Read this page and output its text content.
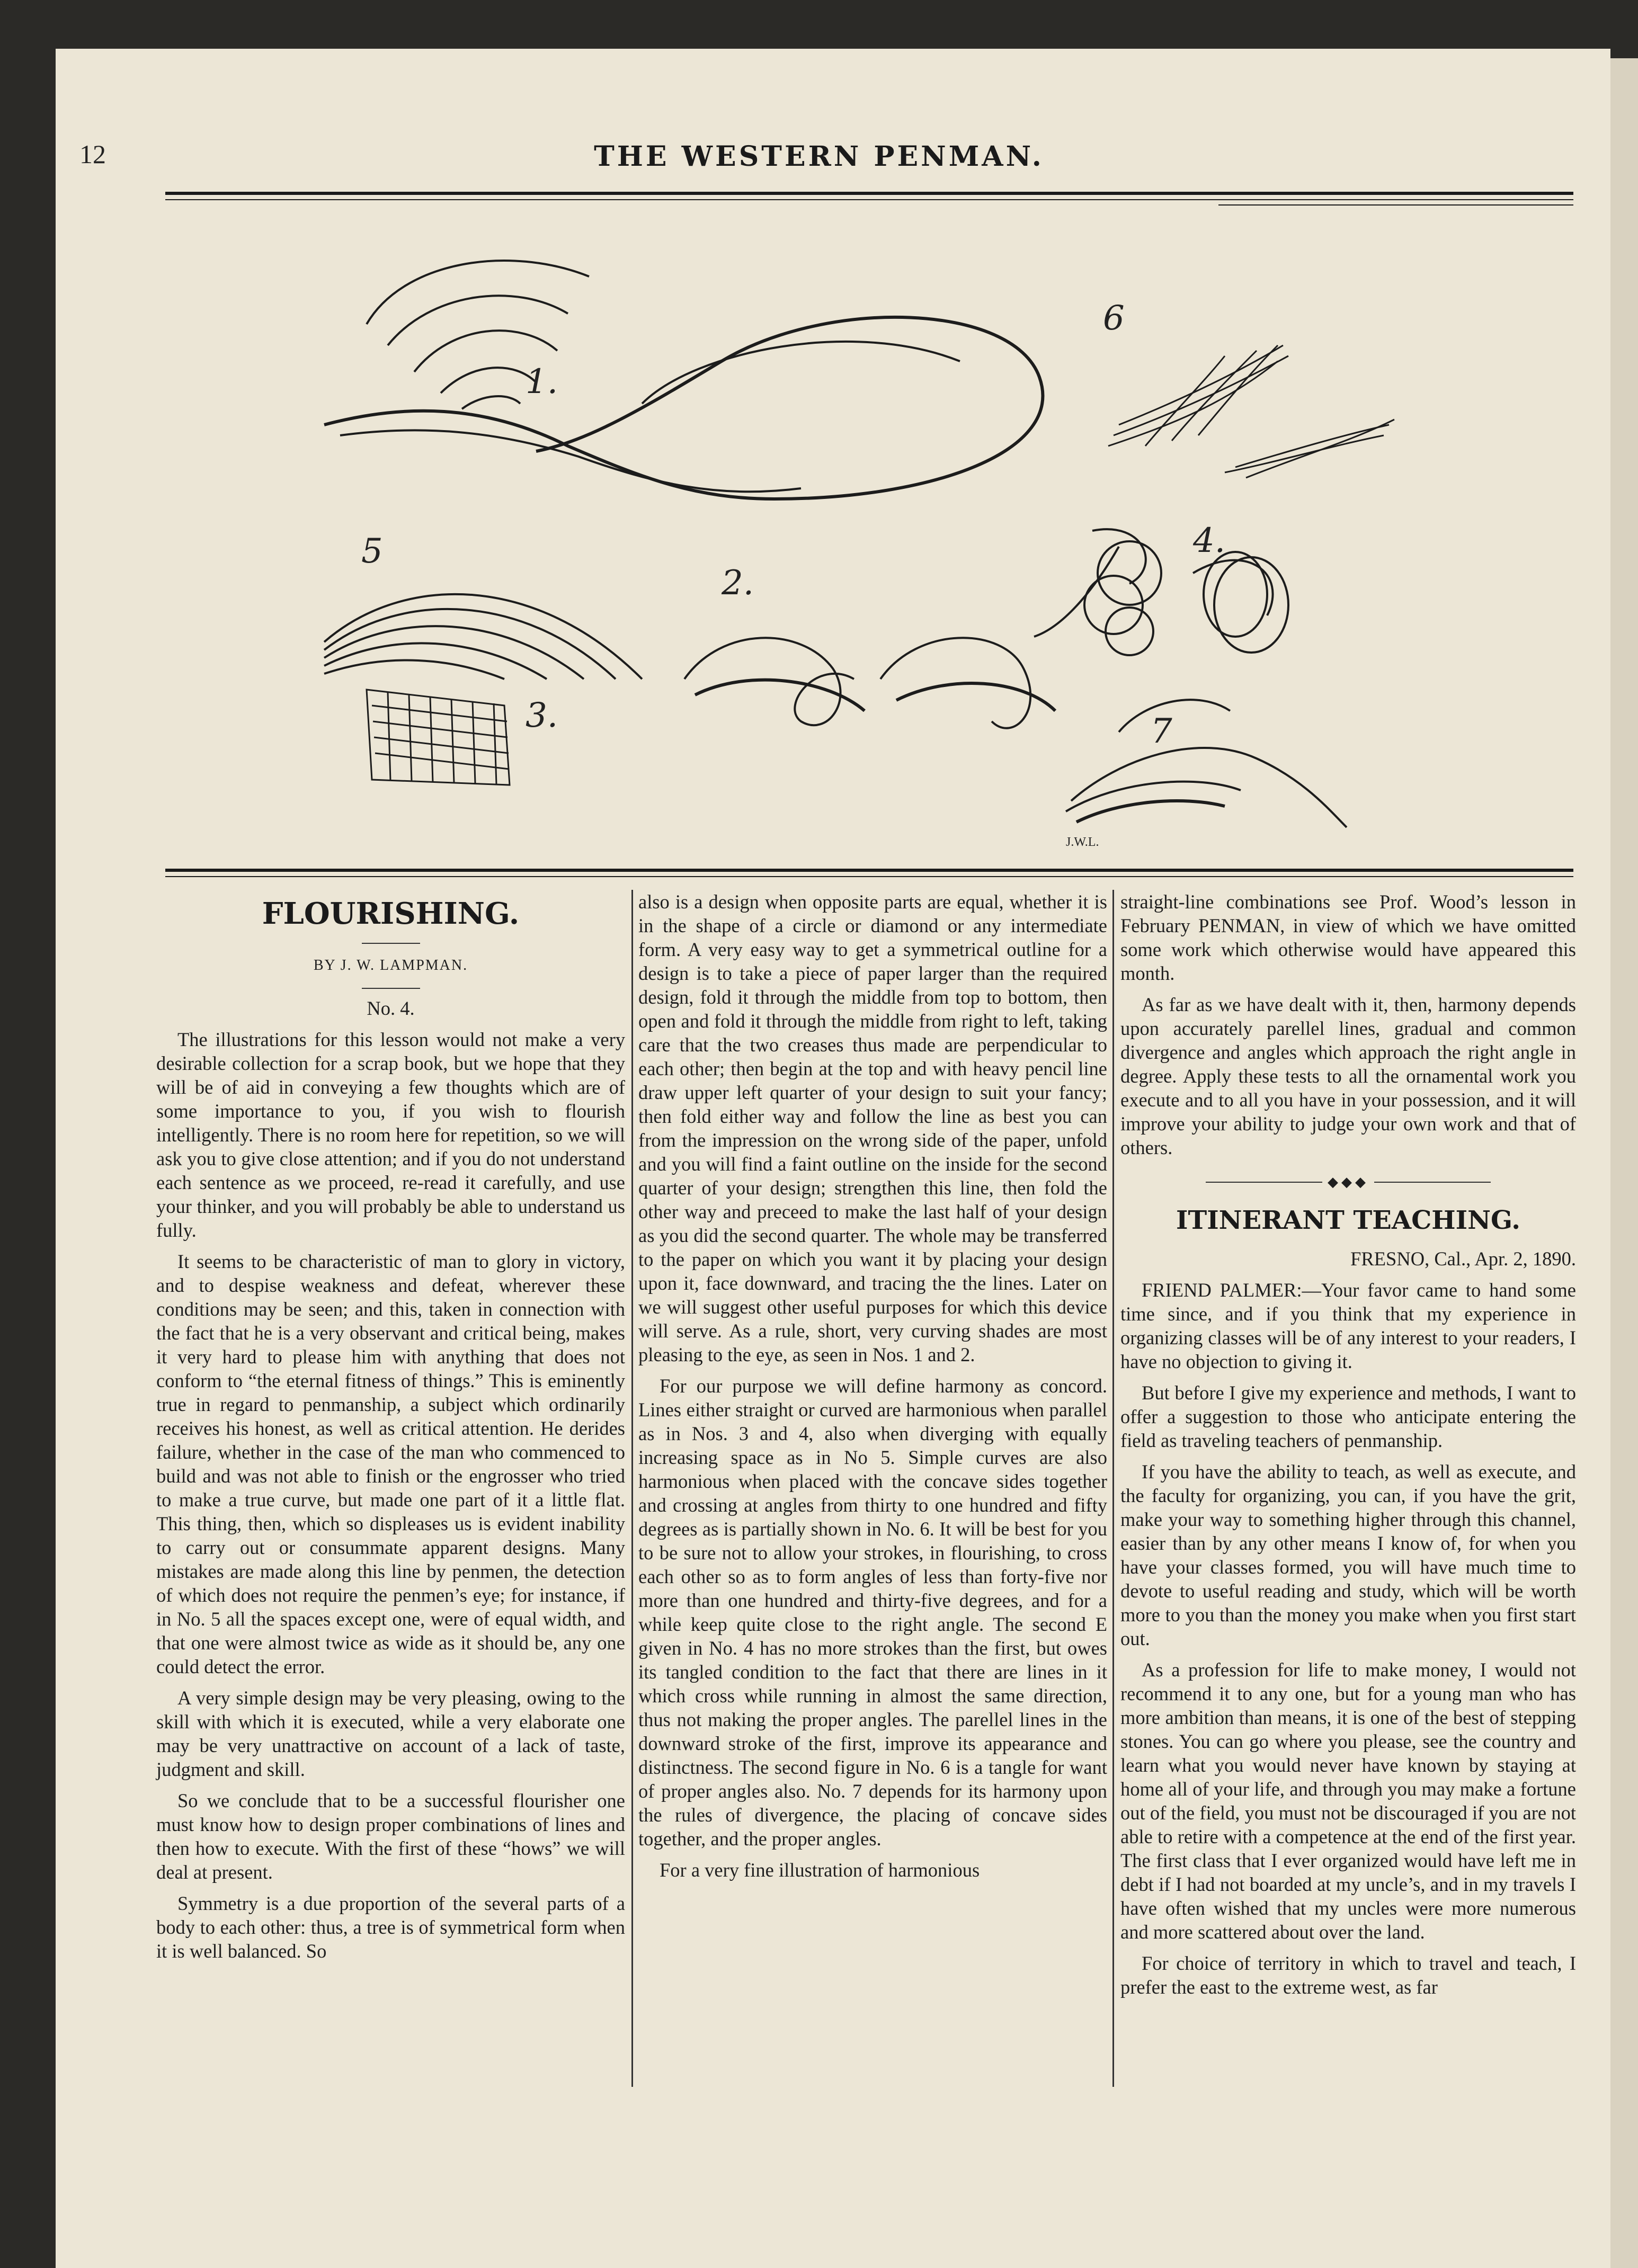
12	THE WESTERN PENMAN.
1.
2.
3.
4.
5
6
7
J.W.L.
FLOURISHING.
BY J. W. LAMPMAN.

No. 4.

The illustrations for this lesson would not make a very desirable collection for a scrap book, but we hope that they will be of aid in conveying a few thoughts which are of some importance to you, if you wish to flourish intelligently. There is no room here for repetition, so we will ask you to give close attention; and if you do not understand each sentence as we proceed, re-read it carefully, and use your thinker, and you will probably be able to understand us fully.

It seems to be characteristic of man to glory in victory, and to despise weakness and defeat, wherever these conditions may be seen; and this, taken in connection with the fact that he is a very observant and critical being, makes it very hard to please him with anything that does not conform to “the eternal fitness of things.” This is eminently true in regard to penmanship, a subject which ordinarily receives his honest, as well as critical attention. He derides failure, whether in the case of the man who commenced to build and was not able to finish or the engrosser who tried to make a true curve, but made one part of it a little flat. This thing, then, which so displeases us is evident inability to carry out or consummate apparent designs. Many mistakes are made along this line by penmen, the detection of which does not require the penmen’s eye; for instance, if in No. 5 all the spaces except one, were of equal width, and that one were almost twice as wide as it should be, any one could detect the error.

A very simple design may be very pleasing, owing to the skill with which it is executed, while a very elaborate one may be very unattractive on account of a lack of taste, judgment and skill.

So we conclude that to be a successful flourisher one must know how to design proper combinations of lines and then how to execute. With the first of these “hows” we will deal at present.

Symmetry is a due proportion of the several parts of a body to each other: thus, a tree is of symmetrical form when it is well balanced. So

also is a design when opposite parts are equal, whether it is in the shape of a circle or diamond or any intermediate form. A very easy way to get a symmetrical outline for a design is to take a piece of paper larger than the required design, fold it through the middle from top to bottom, then open and fold it through the middle from right to left, taking care that the two creases thus made are perpendicular to each other; then begin at the top and with heavy pencil line draw upper left quarter of your design to suit your fancy; then fold either way and follow the line as best you can from the impression on the wrong side of the paper, unfold and you will find a faint outline on the inside for the second quarter of your design; strengthen this line, then fold the other way and preceed to make the last half of your design as you did the second quarter. The whole may be transferred to the paper on which you want it by placing your design upon it, face downward, and tracing the the lines. Later on we will suggest other useful purposes for which this device will serve. As a rule, short, very curving shades are most pleasing to the eye, as seen in Nos. 1 and 2.

For our purpose we will define harmony as concord. Lines either straight or curved are harmonious when parallel as in Nos. 3 and 4, also when diverging with equally increasing space as in No 5. Simple curves are also harmonious when placed with the concave sides together and crossing at angles from thirty to one hundred and fifty degrees as is partially shown in No. 6. It will be best for you to be sure not to allow your strokes, in flourishing, to cross each other so as to form angles of less than forty-five nor more than one hundred and thirty-five degrees, and for a while keep quite close to the right angle. The second E given in No. 4 has no more strokes than the first, but owes its tangled condition to the fact that there are lines in it which cross while running in almost the same direction, thus not making the proper angles. The parellel lines in the downward stroke of the first, improve its appearance and distinctness. The second figure in No. 6 is a tangle for want of proper angles also. No. 7 depends for its harmony upon the rules of divergence, the placing of concave sides together, and the proper angles.

For a very fine illustration of harmonious

straight-line combinations see Prof. Wood’s lesson in February PENMAN, in view of which we have omitted some work which otherwise would have appeared this month.

As far as we have dealt with it, then, harmony depends upon accurately parellel lines, gradual and common divergence and angles which approach the right angle in degree. Apply these tests to all the ornamental work you execute and to all you have in your possession, and it will improve your ability to judge your own work and that of others.

◆◆◆
ITINERANT TEACHING.

FRESNO, Cal., Apr. 2, 1890.

FRIEND PALMER:—Your favor came to hand some time since, and if you think that my experience in organizing classes will be of any interest to your readers, I have no objection to giving it.

But before I give my experience and methods, I want to offer a suggestion to those who anticipate entering the field as traveling teachers of penmanship.

If you have the ability to teach, as well as execute, and the faculty for organizing, you can, if you have the grit, make your way to something higher through this channel, easier than by any other means I know of, for when you have your classes formed, you will have much time to devote to useful reading and study, which will be worth more to you than the money you make when you first start out.

As a profession for life to make money, I would not recommend it to any one, but for a young man who has more ambition than means, it is one of the best of stepping stones. You can go where you please, see the country and learn what you would never have known by staying at home all of your life, and through you may make a fortune out of the field, you must not be discouraged if you are not able to retire with a competence at the end of the first year. The first class that I ever organized would have left me in debt if I had not boarded at my uncle’s, and in my travels I have often wished that my uncles were more numerous and more scattered about over the land.

For choice of territory in which to travel and teach, I prefer the east to the extreme west, as far
